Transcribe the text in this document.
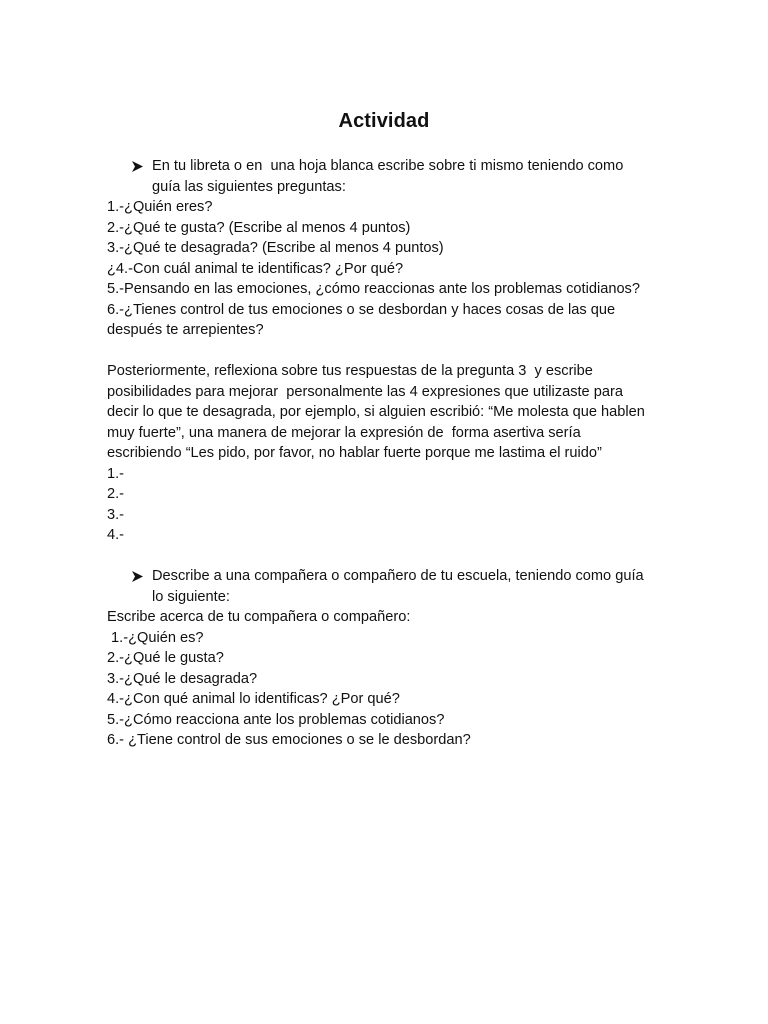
Actividad
En tu libreta o en  una hoja blanca escribe sobre ti mismo teniendo como
guía las siguientes preguntas:
1.-¿Quién eres?
2.-¿Qué te gusta? (Escribe al menos 4 puntos)
3.-¿Qué te desagrada? (Escribe al menos 4 puntos)
¿4.-Con cuál animal te identificas? ¿Por qué?
5.-Pensando en las emociones, ¿cómo reaccionas ante los problemas cotidianos?
6.-¿Tienes control de tus emociones o se desbordan y haces cosas de las que
después te arrepientes?
Posteriormente, reflexiona sobre tus respuestas de la pregunta 3  y escribe
posibilidades para mejorar  personalmente las 4 expresiones que utilizaste para
decir lo que te desagrada, por ejemplo, si alguien escribió: “Me molesta que hablen
muy fuerte”, una manera de mejorar la expresión de  forma asertiva sería
escribiendo “Les pido, por favor, no hablar fuerte porque me lastima el ruido”
1.-
2.-
3.-
4.-
Describe a una compañera o compañero de tu escuela, teniendo como guía
lo siguiente:
Escribe acerca de tu compañera o compañero:
1.-¿Quién es?
2.-¿Qué le gusta?
3.-¿Qué le desagrada?
4.-¿Con qué animal lo identificas? ¿Por qué?
5.-¿Cómo reacciona ante los problemas cotidianos?
6.- ¿Tiene control de sus emociones o se le desbordan?
